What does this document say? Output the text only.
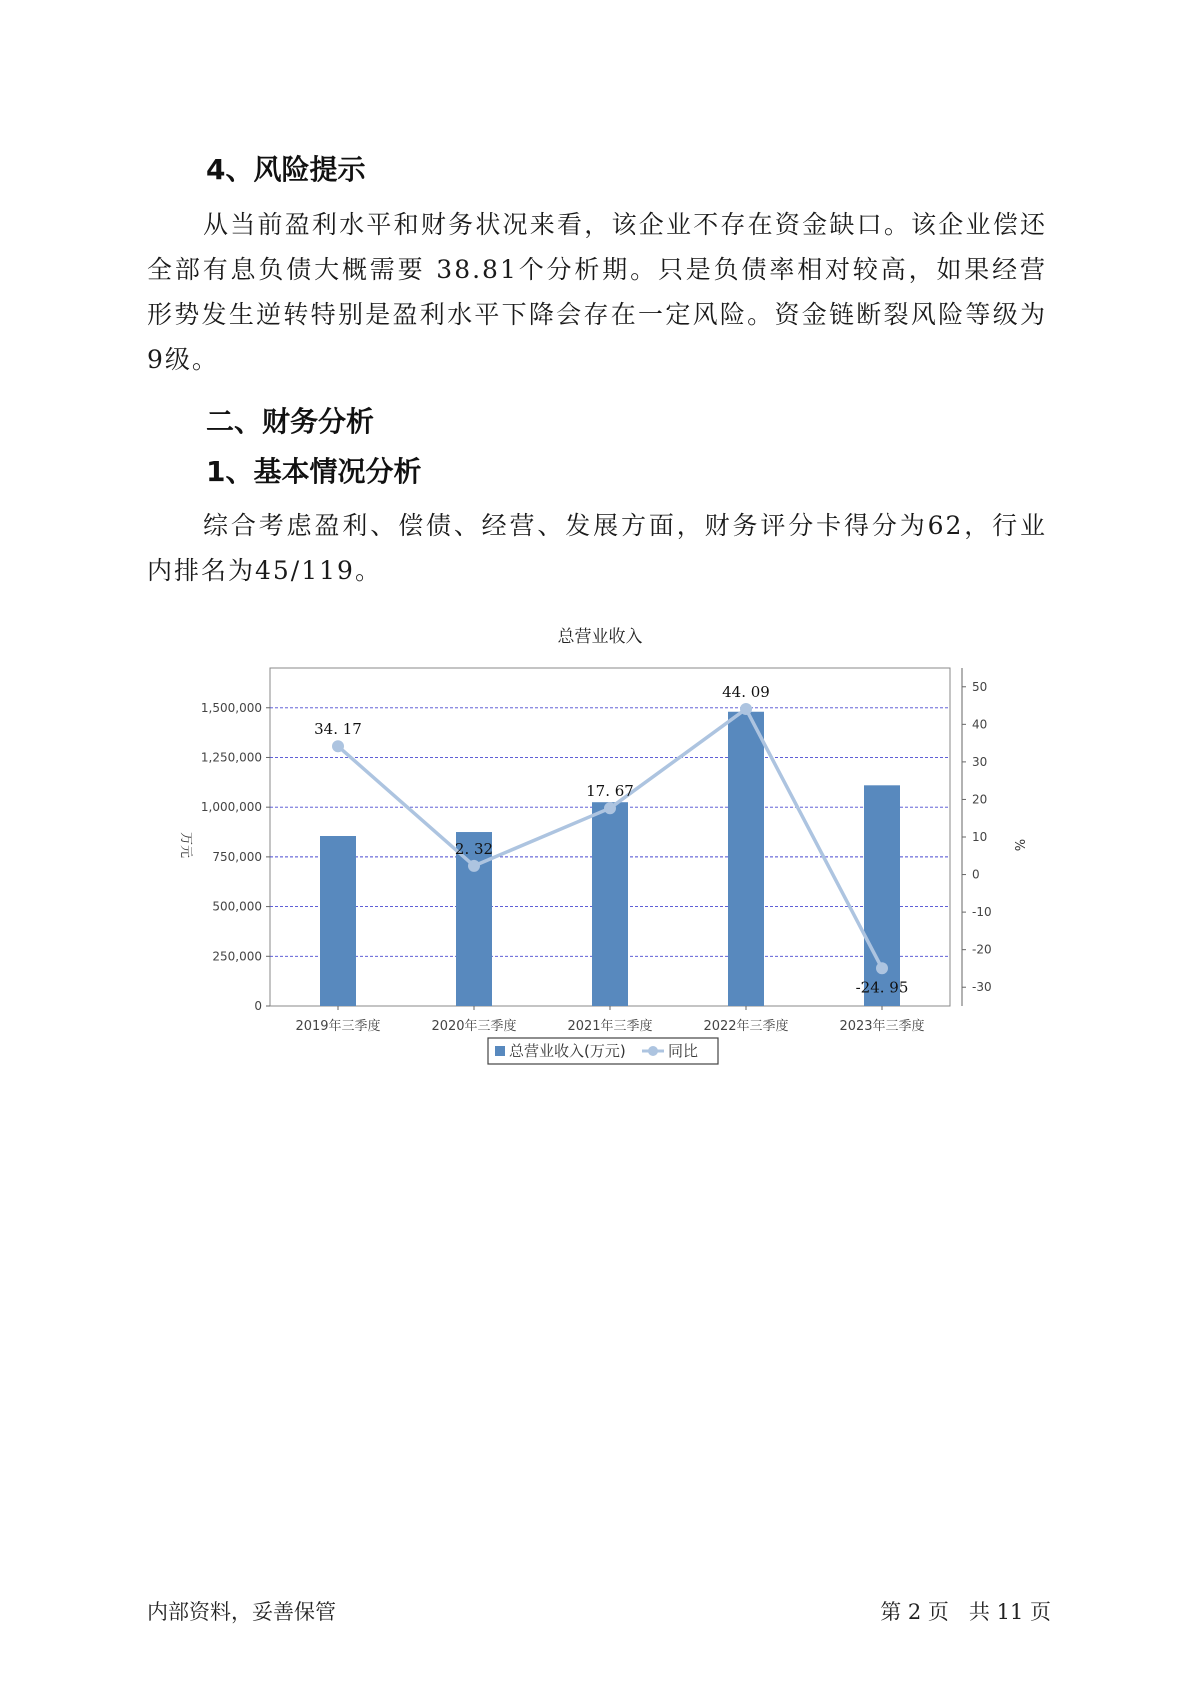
4、风险提示

从当前盈利水平和财务状况来看，该企业不存在资金缺口。该企业偿还全部有息负债大概需要 38.81个分析期。只是负债率相对较高，如果经营形势发生逆转特别是盈利水平下降会存在一定风险。资金链断裂风险等级为9级。

二、财务分析
1、基本情况分析

综合考虑盈利、偿债、经营、发展方面，财务评分卡得分为62，行业内排名为45/119。

总营业收入
34. 17
2. 32
17. 67
44. 09
-24. 95
0
250,000
500,000
750,000
1,000,000
1,250,000
1,500,000
-30
-20
-10
0
10
20
30
40
50
2019年三季度	2020年三季度	2021年三季度	2022年三季度	2023年三季度
万元	%
总营业收入(万元)	同比
内部资料，妥善保管	第 2 页   共 11 页
